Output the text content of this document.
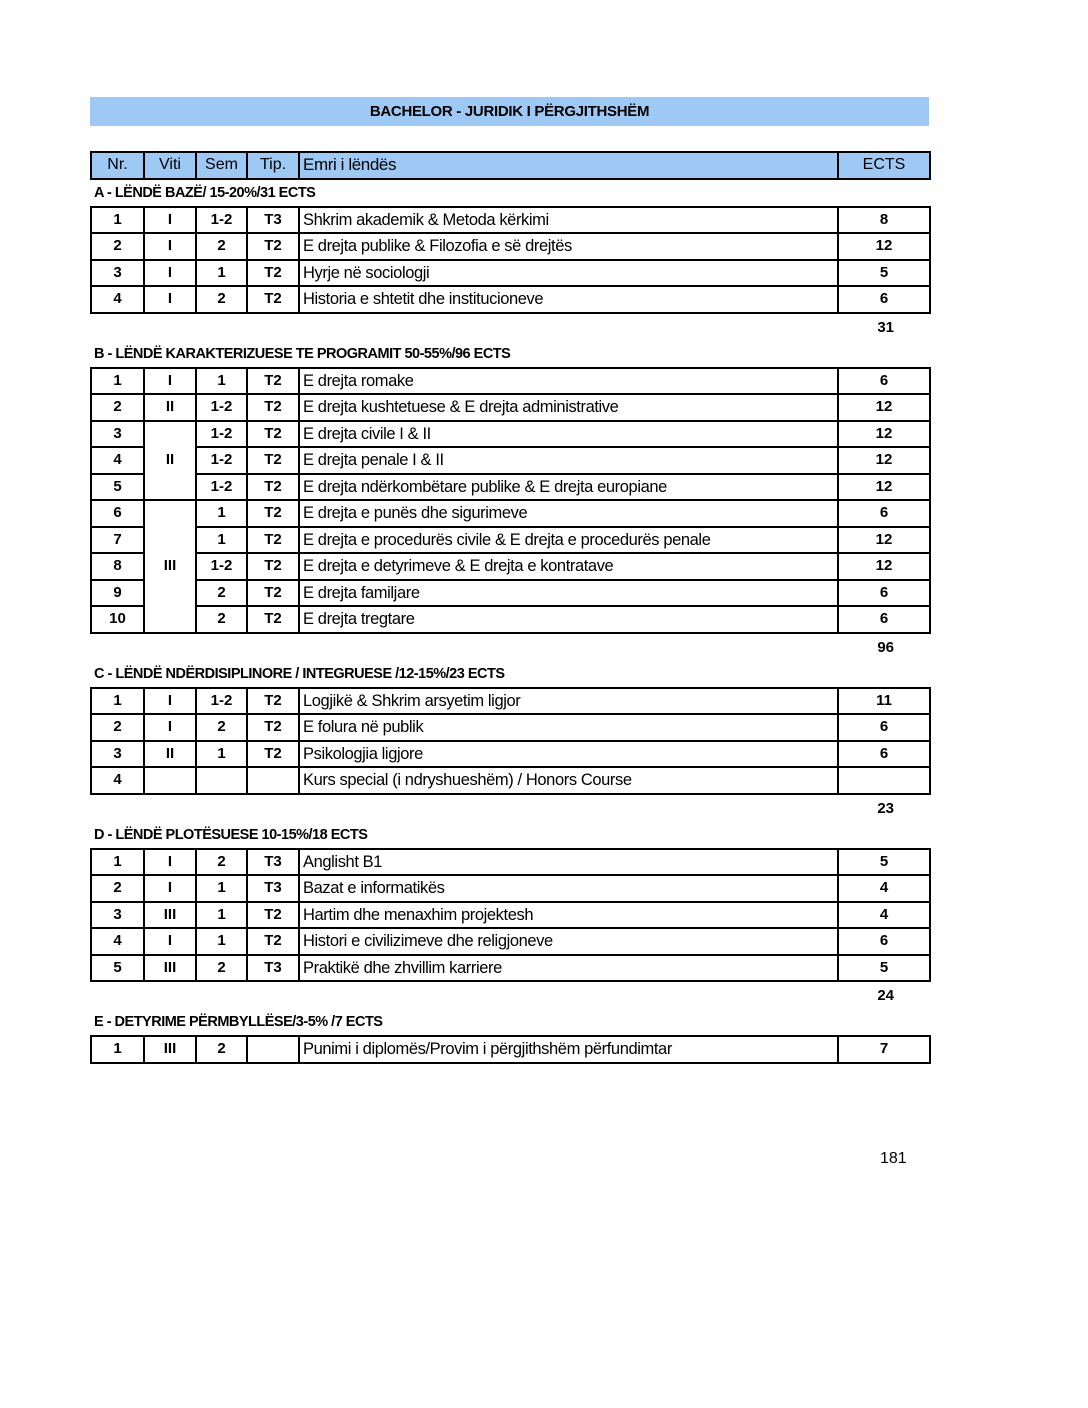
BACHELOR - JURIDIK I PËRGJITHSHËM
Nr.	Viti	Sem	Tip.	Emri i lëndës	ECTS
A - LËNDË BAZË/ 15-20%/31 ECTS					
1	I	1-2	T3	Shkrim akademik & Metoda kërkimi	8
2	I	2	T2	E drejta publike & Filozofia e së drejtës	12
3	I	1	T2	Hyrje në sociologji	5
4	I	2	T2	Historia e shtetit dhe institucioneve	6
31					
B - LËNDË KARAKTERIZUESE TE PROGRAMIT 50-55%/96 ECTS					
1	I	1	T2	E drejta romake	6
2	II	1-2	T2	E drejta kushtetuese & E drejta administrative	12
3	II	1-2	T2	E drejta civile I & II	12
4		1-2	T2	E drejta penale I & II	12
5		1-2	T2	E drejta ndërkombëtare publike & E drejta europiane	12
6	III	1	T2	E drejta e punës dhe sigurimeve	6
7		1	T2	E drejta e procedurës civile & E drejta e procedurës penale	12
8		1-2	T2	E drejta e detyrimeve & E drejta e kontratave	12
9		2	T2	E drejta familjare	6
10		2	T2	E drejta tregtare	6
96					
C - LËNDË NDËRDISIPLINORE / INTEGRUESE /12-15%/23 ECTS					
1	I	1-2	T2	Logjikë & Shkrim arsyetim ligjor	11
2	I	2	T2	E folura në publik	6
3	II	1	T2	Psikologjia ligjore	6
4				Kurs special (i ndryshueshëm) / Honors Course	
23					
D - LËNDË PLOTËSUESE 10-15%/18 ECTS					
1	I	2	T3	Anglisht B1	5
2	I	1	T3	Bazat e informatikës	4
3	III	1	T2	Hartim dhe menaxhim projektesh	4
4	I	1	T2	Histori e civilizimeve dhe religjoneve	6
5	III	2	T3	Praktikë dhe zhvillim karriere	5
24					
E - DETYRIME PËRMBYLLËSE/3-5% /7 ECTS					
1	III	2		Punimi i diplomës/Provim i përgjithshëm përfundimtar	7
181
